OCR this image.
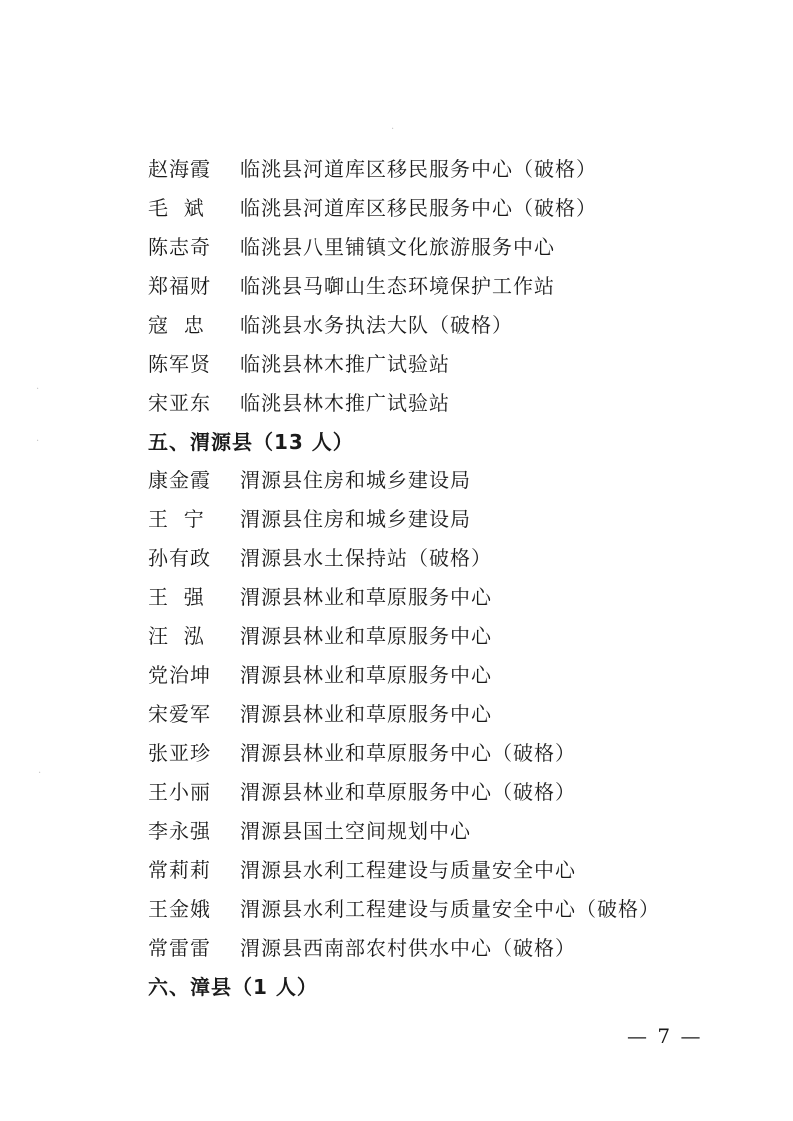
赵海霞 临洮县河道库区移民服务中心（破格）
毛  斌 临洮县河道库区移民服务中心（破格）
陈志奇 临洮县八里铺镇文化旅游服务中心
郑福财 临洮县马啣山生态环境保护工作站
寇  忠 临洮县水务执法大队（破格）
陈军贤 临洮县林木推广试验站
宋亚东 临洮县林木推广试验站
五、渭源县（13 人）
康金霞 渭源县住房和城乡建设局
王  宁 渭源县住房和城乡建设局
孙有政 渭源县水土保持站（破格）
王  强 渭源县林业和草原服务中心
汪  泓 渭源县林业和草原服务中心
党治坤 渭源县林业和草原服务中心
宋爱军 渭源县林业和草原服务中心
张亚珍 渭源县林业和草原服务中心（破格）
王小丽 渭源县林业和草原服务中心（破格）
李永强 渭源县国土空间规划中心
常莉莉 渭源县水利工程建设与质量安全中心
王金娥 渭源县水利工程建设与质量安全中心（破格）
常雷雷 渭源县西南部农村供水中心（破格）
六、漳县（1 人）
— 7 —
·
·
·
·
